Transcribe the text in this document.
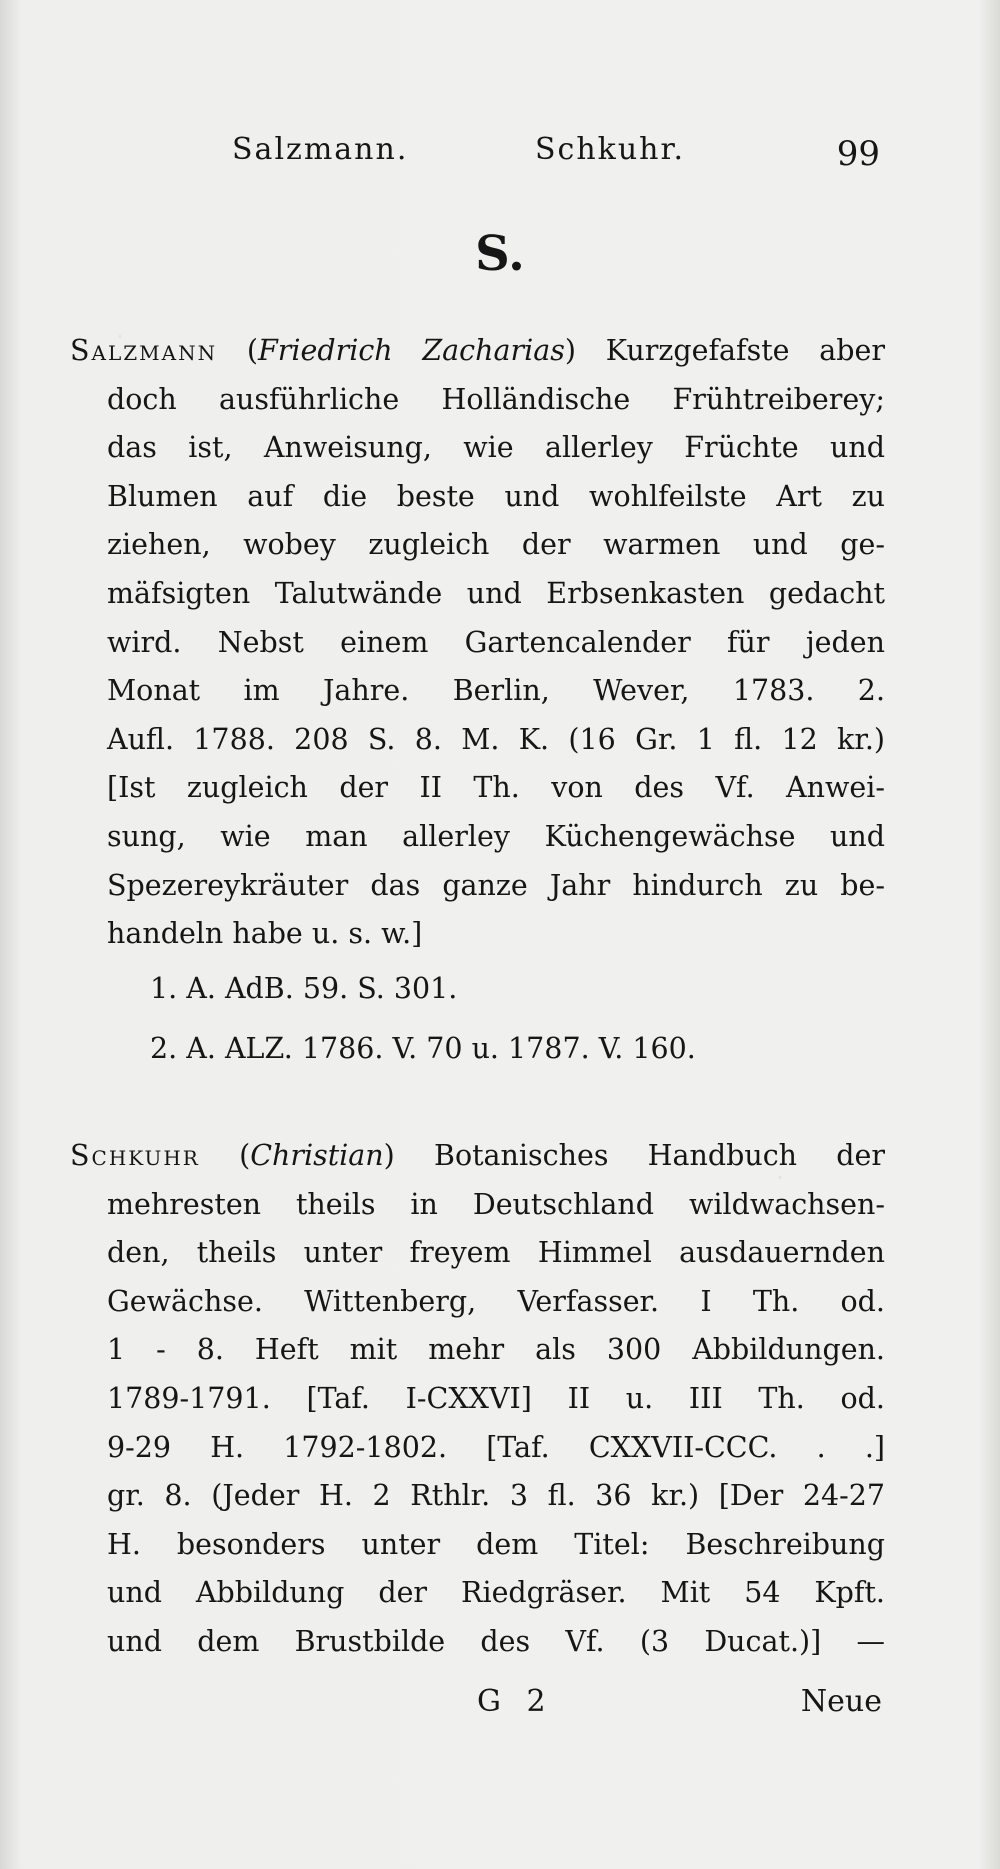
Salzmann.	Schkuhr.	99
S.
Salzmann (Friedrich Zacharias) Kurzgefafste aber
doch ausführliche Holländische Frühtreiberey;
das ist, Anweisung, wie allerley Früchte und
Blumen auf die beste und wohlfeilste Art zu
ziehen, wobey zugleich der warmen und ge-
mäfsigten Talutwände und Erbsenkasten gedacht
wird. Nebst einem Gartencalender für jeden
Monat im Jahre. Berlin, Wever, 1783. 2.
Aufl. 1788. 208 S. 8. M. K. (16 Gr. 1 fl. 12 kr.)
[Ist zugleich der II Th. von des Vf. Anwei-
sung, wie man allerley Küchengewächse und
Spezereykräuter das ganze Jahr hindurch zu be-
handeln habe u. s. w.]
1. A. AdB. 59. S. 301.
2. A. ALZ. 1786. V. 70 u. 1787. V. 160.
Schkuhr (Christian) Botanisches Handbuch der
mehresten theils in Deutschland wildwachsen-
den, theils unter freyem Himmel ausdauernden
Gewächse. Wittenberg, Verfasser. I Th. od.
1 - 8. Heft mit mehr als 300 Abbildungen.
1789-1791. [Taf. I-CXXVI] II u. III Th. od.
9-29 H. 1792-1802. [Taf. CXXVII-CCC. . .]
gr. 8. (Jeder H. 2 Rthlr. 3 fl. 36 kr.) [Der 24-27
H. besonders unter dem Titel: Beschreibung
und Abbildung der Riedgräser. Mit 54 Kpft.
und dem Brustbilde des Vf. (3 Ducat.)] —
G 2	Neue
